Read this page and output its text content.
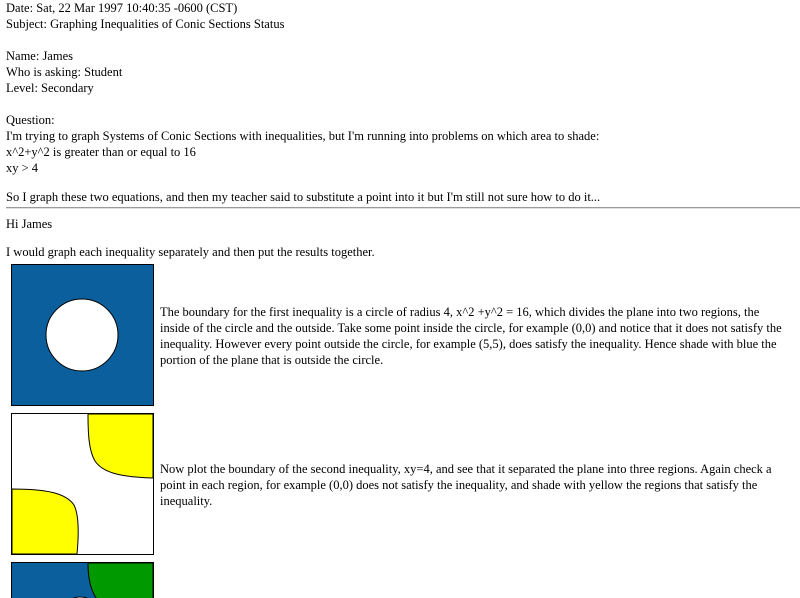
Date: Sat, 22 Mar 1997 10:40:35 -0600 (CST)
Subject: Graphing Inequalities of Conic Sections Status
Name: James
Who is asking: Student
Level: Secondary
Question:
I'm trying to graph Systems of Conic Sections with inequalities, but I'm running into problems on which area to shade:
x^2+y^2 is greater than or equal to 16
xy > 4
So I graph these two equations, and then my teacher said to substitute a point into it but I'm still not sure how to do it...
Hi James
I would graph each inequality separately and then put the results together.
The boundary for the first inequality is a circle of radius 4, x^2 +y^2 = 16, which divides the plane into two regions, the inside of the circle and the outside. Take some point inside the circle, for example (0,0) and notice that it does not satisfy the inequality. However every point outside the circle, for example (5,5), does satisfy the inequality. Hence shade with blue the portion of the plane that is outside the circle.
Now plot the boundary of the second inequality, xy=4, and see that it separated the plane into three regions. Again check a point in each region, for example (0,0) does not satisfy the inequality, and shade with yellow the regions that satisfy the inequality.
